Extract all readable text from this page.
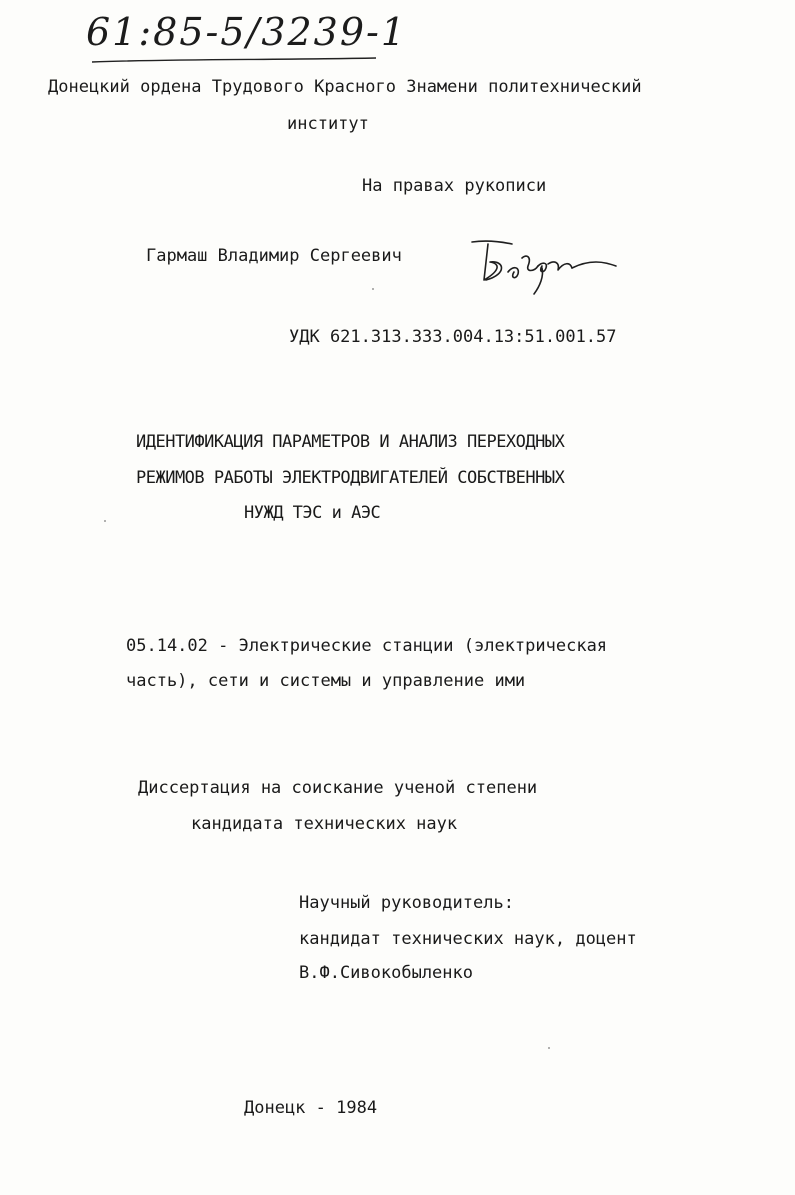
61:85-5/3239-1
Донецкий ордена Трудового Красного Знамени политехнический
институт
На правах рукописи
Гармаш Владимир Сергеевич
УДК 621.313.333.004.13:51.001.57
ИДЕНТИФИКАЦИЯ ПАРАМЕТРОВ И АНАЛИЗ ПЕРЕХОДНЫХ
РЕЖИМОВ РАБОТЫ ЭЛЕКТРОДВИГАТЕЛЕЙ СОБСТВЕННЫХ
НУЖД ТЭС и АЭС
05.14.02 - Электрические станции (электрическая
часть), сети и системы и управление ими
Диссертация на соискание ученой степени
кандидата технических наук
Научный руководитель:
кандидат технических наук, доцент
В.Ф.Сивокобыленко
Донецк - 1984
